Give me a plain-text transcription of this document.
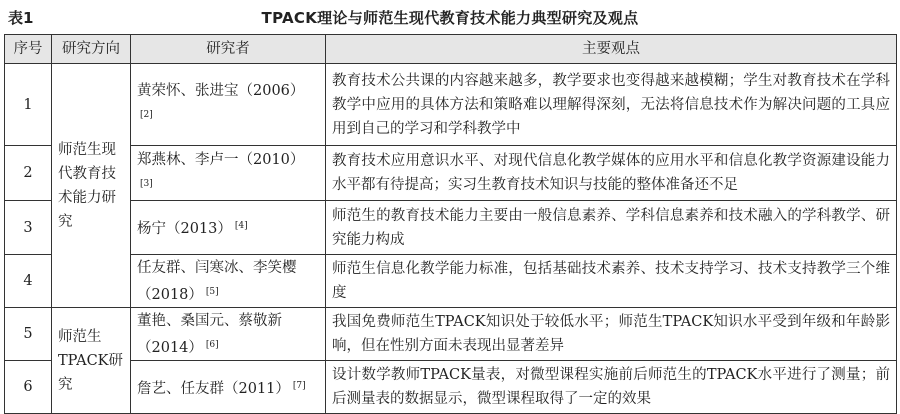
表1	TPACK理论与师范生现代教育技术能力典型研究及观点
序号	研究方向	研究者	主要观点
1	师范生现代教育技术能力研究	黄荣怀、张进宝（2006）[2]	教育技术公共课的内容越来越多，教学要求也变得越来越模糊；学生对教育技术在学科教学中应用的具体方法和策略难以理解得深刻，无法将信息技术作为解决问题的工具应用到自己的学习和学科教学中
2		郑燕林、李卢一（2010）[3]	教育技术应用意识水平、对现代信息化教学媒体的应用水平和信息化教学资源建设能力水平都有待提高；实习生教育技术知识与技能的整体准备还不足
3		杨宁（2013） [4]	师范生的教育技术能力主要由一般信息素养、学科信息素养和技术融入的学科教学、研究能力构成
4		任友群、闫寒冰、李笑樱（2018） [5]	师范生信息化教学能力标准，包括基础技术素养、技术支持学习、技术支持教学三个维度
5	师范生TPACK研究	董艳、桑国元、蔡敬新（2014） [6]	我国免费师范生TPACK知识处于较低水平；师范生TPACK知识水平受到年级和年龄影响，但在性别方面未表现出显著差异
6		詹艺、任友群（2011） [7]	设计数学教师TPACK量表，对微型课程实施前后师范生的TPACK水平进行了测量；前后测量表的数据显示，微型课程取得了一定的效果
